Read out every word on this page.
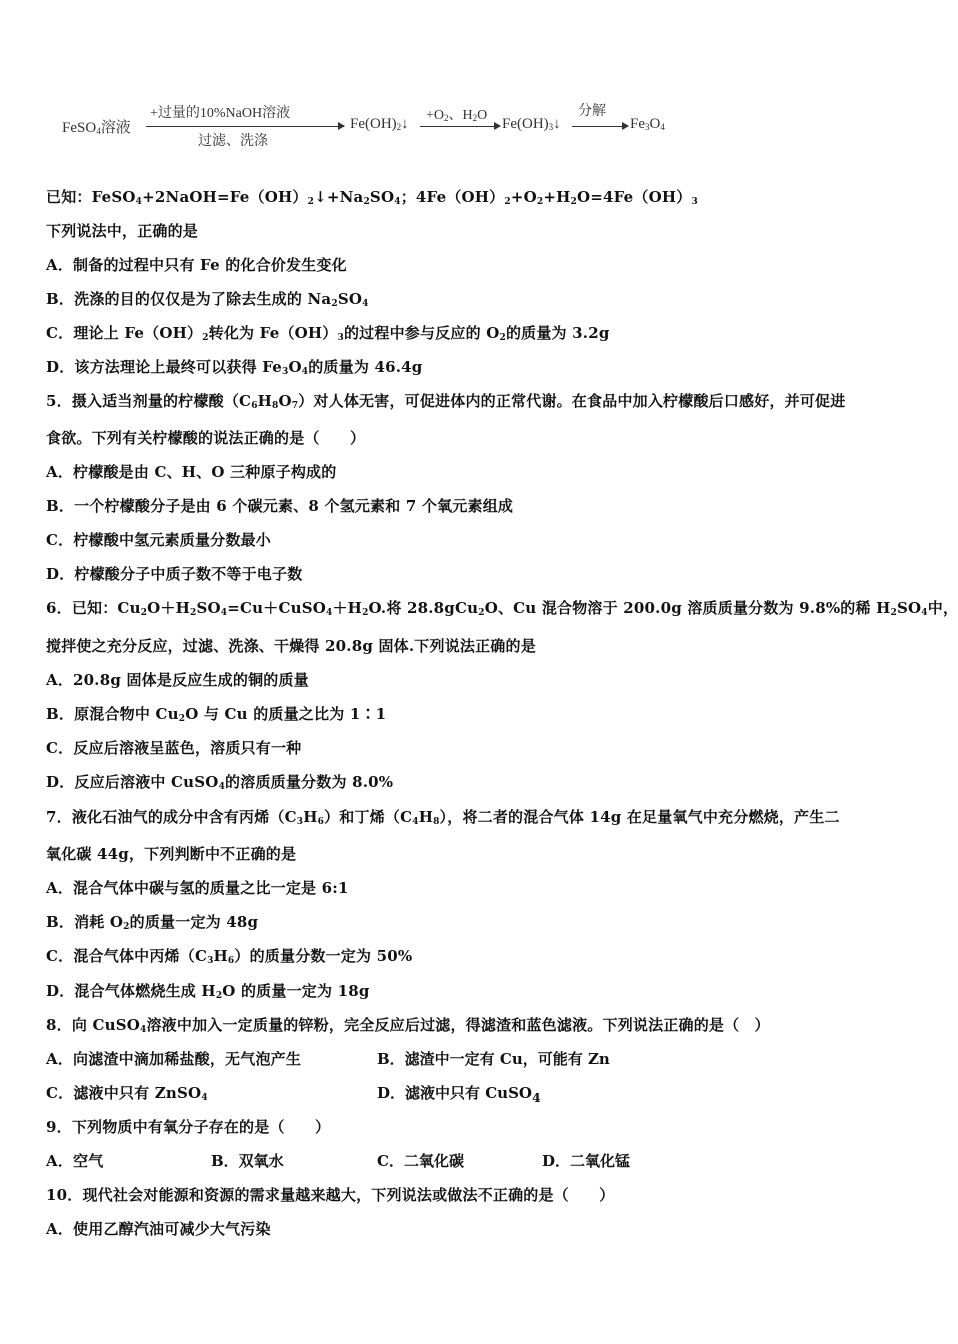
FeSO$_4$溶液
+过量的10%NaOH溶液
过滤、洗涤
$Fe(OH)_2↓$
$+O_2$、$H_2O$
$Fe(OH)_3↓$
分解
$Fe_3O_4$
已知：$FeSO_4+2NaOH=Fe(OH)_2↓+Na_2SO_4$；$4Fe(OH)_2+O_2+H_2O=4Fe(OH)_3$
下列说法中，正确的是
A．制备的过程中只有 Fe 的化合价发生变化
B．洗涤的目的仅仅是为了除去生成的 $Na_2SO_4$
C．理论上 $Fe(OH)_2$转化为 $Fe(OH)_3$的过程中参与反应的 $O_2$的质量为 3.2g
D．该方法理论上最终可以获得 $Fe_3O_4$的质量为 46.4g
5．摄入适当剂量的柠檬酸$(C_6H_8O_7)$对人体无害，可促进体内的正常代谢。在食品中加入柠檬酸后口感好，并可促进
食欲。下列有关柠檬酸的说法正确的是（　　）
A．柠檬酸是由 C、H、O 三种原子构成的
B．一个柠檬酸分子是由 6 个碳元素、8 个氢元素和 7 个氧元素组成
C．柠檬酸中氢元素质量分数最小
D．柠檬酸分子中质子数不等于电子数
6．已知：$Cu_2O+H_2SO_4=Cu+CuSO_4+H_2O$.将 28.8gCu$_2$O、Cu 混合物溶于 200.0g 溶质质量分数为 9.8%的稀 $H_2SO_4$中，
搅拌使之充分反应，过滤、洗涤、干燥得 20.8g 固体.下列说法正确的是
A．20.8g 固体是反应生成的铜的质量
B．原混合物中 $Cu_2O$ 与 Cu 的质量之比为 1∶1
C．反应后溶液呈蓝色，溶质只有一种
D．反应后溶液中 CuSO$_4$的溶质质量分数为 8.0%
7．液化石油气的成分中含有丙烯$(C_3H_6)$和丁烯$(C_4H_8)$，将二者的混合气体 14g 在足量氧气中充分燃烧，产生二
氧化碳 44g，下列判断中不正确的是
A．混合气体中碳与氢的质量之比一定是 6:1
B．消耗 $O_2$的质量一定为 48g
C．混合气体中丙烯$(C_3H_6)$的质量分数一定为 50%
D．混合气体燃烧生成 $H_2O$ 的质量一定为 18g
8．向 CuSO$_4$溶液中加入一定质量的锌粉，完全反应后过滤，得滤渣和蓝色滤液。下列说法正确的是（　）
A．向滤渣中滴加稀盐酸，无气泡产生	B．滤渣中一定有 Cu，可能有 Zn
C．滤液中只有 ZnSO$_4$	D．滤液中只有 CuSO$_4$
9．下列物质中有氧分子存在的是（　　）
A．空气	B．双氧水	C．二氧化碳	D．二氧化锰
10．现代社会对能源和资源的需求量越来越大，下列说法或做法不正确的是（　　）
A．使用乙醇汽油可减少大气污染
